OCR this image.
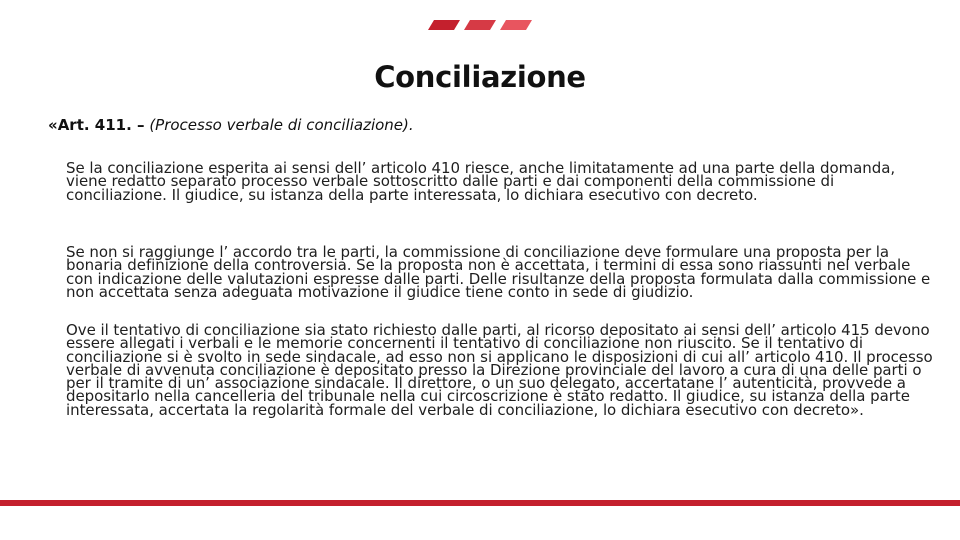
Conciliazione
«Art. 411. – (Processo verbale di conciliazione).
Se la conciliazione esperita ai sensi dell’ articolo 410 riesce, anche limitatamente ad una parte della domanda, viene redatto separato processo verbale sottoscritto dalle parti e dai componenti della commissione di conciliazione. Il giudice, su istanza della parte interessata, lo dichiara esecutivo con decreto.
Se non si raggiunge l’ accordo tra le parti, la commissione di conciliazione deve formulare una proposta per la bonaria definizione della controversia. Se la proposta non è accettata, i termini di essa sono riassunti nel verbale con indicazione delle valutazioni espresse dalle parti. Delle risultanze della proposta formulata dalla commissione e non accettata senza adeguata motivazione il giudice tiene conto in sede di giudizio.
Ove il tentativo di conciliazione sia stato richiesto dalle parti, al ricorso depositato ai sensi dell’ articolo 415 devono essere allegati i verbali e le memorie concernenti il tentativo di conciliazione non riuscito. Se il tentativo di conciliazione si è svolto in sede sindacale, ad esso non si applicano le disposizioni di cui all’ articolo 410. Il processo verbale di avvenuta conciliazione è depositato presso la Direzione provinciale del lavoro a cura di una delle parti o per il tramite di un’ associazione sindacale. Il direttore, o un suo delegato, accertatane l’ autenticità, provvede a depositarlo nella cancelleria del tribunale nella cui circoscrizione è stato redatto. Il giudice, su istanza della parte interessata, accertata la regolarità formale del verbale di conciliazione, lo dichiara esecutivo con decreto».
